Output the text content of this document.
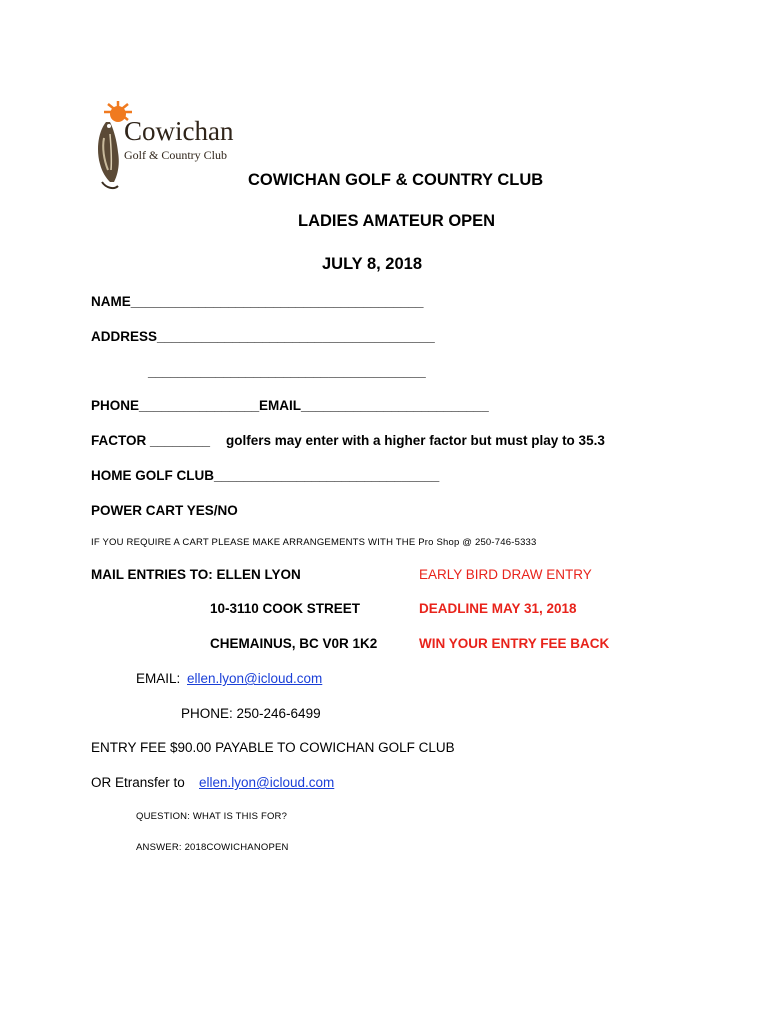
Cowichan
Golf & Country Club
COWICHAN GOLF & COUNTRY CLUB
LADIES AMATEUR OPEN
JULY 8, 2018
NAME_______________________________________
ADDRESS_____________________________________
_____________________________________
PHONE________________ EMAIL_________________________
FACTOR ________ golfers may enter with a higher factor but must play to 35.3
HOME GOLF CLUB______________________________
POWER CART YES/NO
IF YOU REQUIRE A CART PLEASE MAKE ARRANGEMENTS WITH THE Pro Shop @ 250-746-5333
MAIL ENTRIES TO: ELLEN LYON
10-3110 COOK STREET
CHEMAINUS, BC V0R 1K2
EARLY BIRD DRAW ENTRY
DEADLINE MAY 31, 2018
WIN YOUR ENTRY FEE BACK
EMAIL: ellen.lyon@icloud.com
PHONE: 250-246-6499
ENTRY FEE $90.00 PAYABLE TO COWICHAN GOLF CLUB
OR Etransfer to ellen.lyon@icloud.com
QUESTION: WHAT IS THIS FOR?
ANSWER: 2018COWICHANOPEN
